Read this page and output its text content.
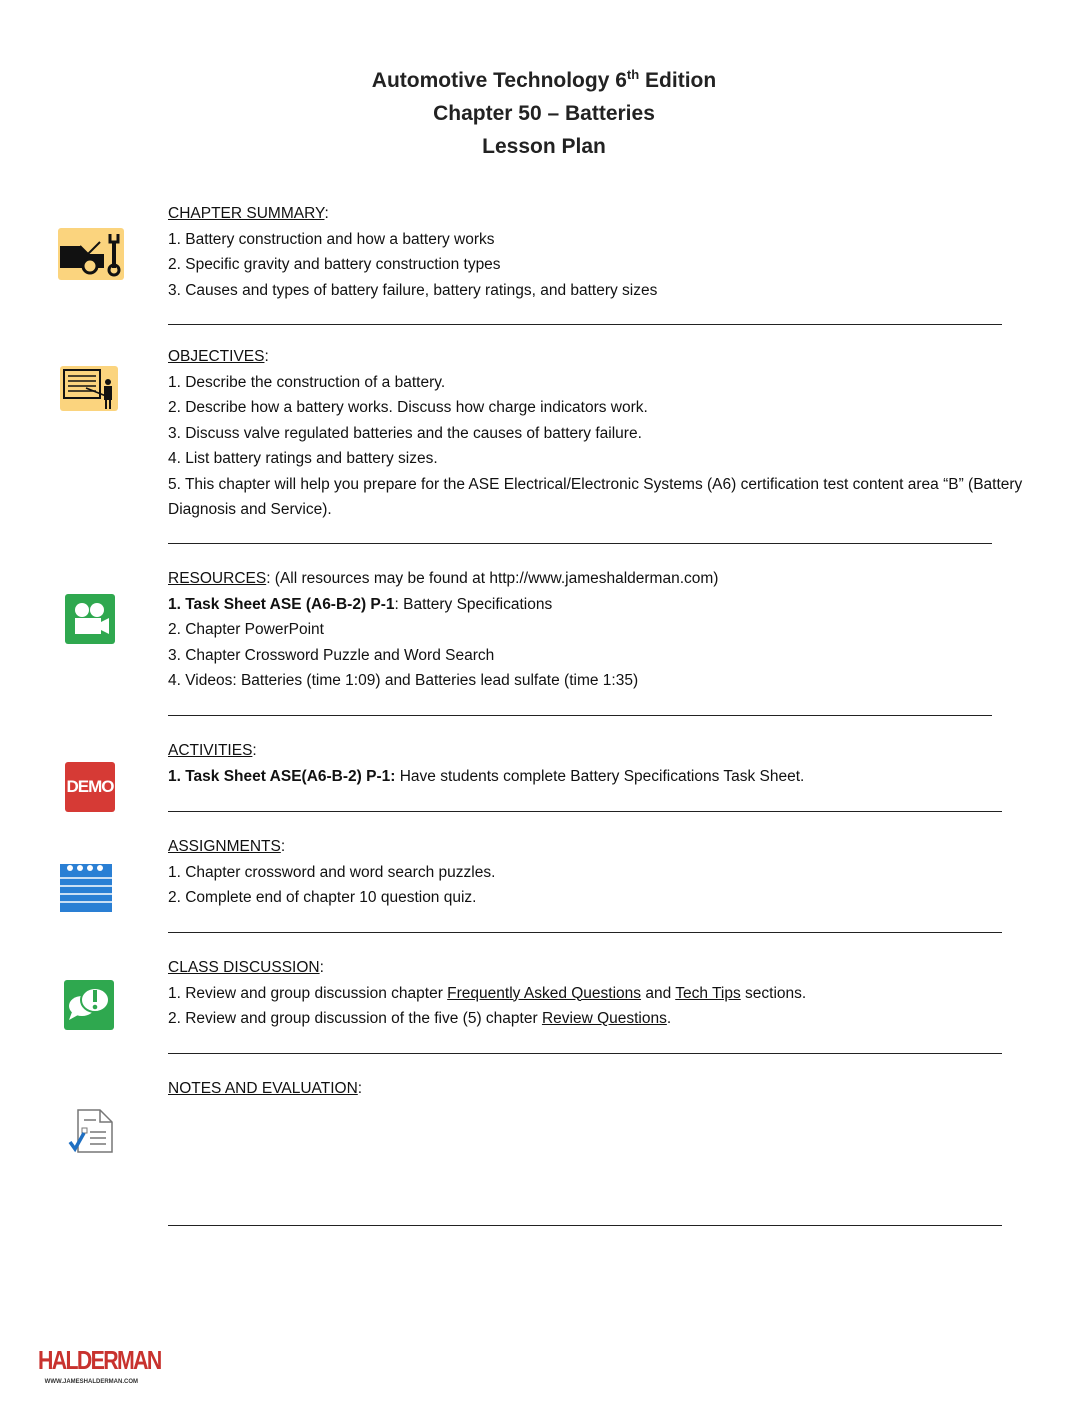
Automotive Technology 6th Edition
Chapter 50 – Batteries
Lesson Plan
CHAPTER SUMMARY:
1. Battery construction and how a battery works
2. Specific gravity and battery construction types
3. Causes and types of battery failure, battery ratings, and battery sizes
OBJECTIVES:
1. Describe the construction of a battery.
2. Describe how a battery works. Discuss how charge indicators work.
3. Discuss valve regulated batteries and the causes of battery failure.
4. List battery ratings and battery sizes.
5. This chapter will help you prepare for the ASE Electrical/Electronic Systems (A6) certification test content area “B” (Battery Diagnosis and Service).
RESOURCES: (All resources may be found at http://www.jameshalderman.com)
1. Task Sheet ASE (A6-B-2) P-1: Battery Specifications
2. Chapter PowerPoint
3. Chapter Crossword Puzzle and Word Search
4. Videos: Batteries (time 1:09) and Batteries lead sulfate (time 1:35)
DEMO
ACTIVITIES:
1. Task Sheet ASE(A6-B-2) P-1: Have students complete Battery Specifications Task Sheet.
ASSIGNMENTS:
1. Chapter crossword and word search puzzles.
2. Complete end of chapter 10 question quiz.
CLASS DISCUSSION:
1. Review and group discussion chapter Frequently Asked Questions and Tech Tips sections.
2. Review and group discussion of the five (5) chapter Review Questions.
NOTES AND EVALUATION:
HALDERMAN
WWW.JAMESHALDERMAN.COM
